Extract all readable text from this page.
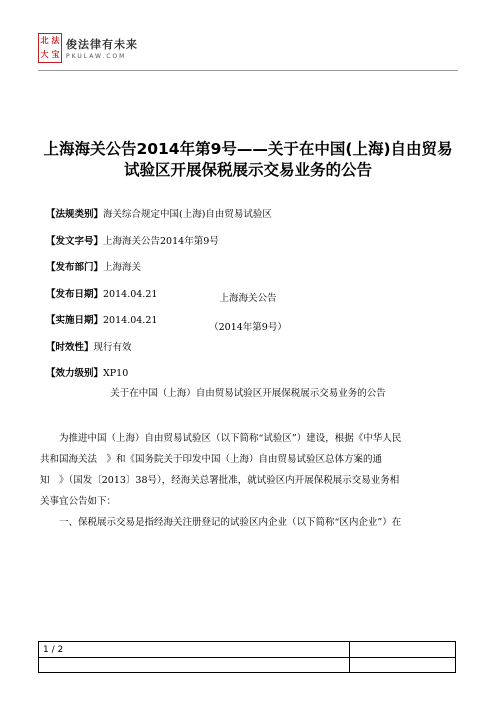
北 法
大 宝
俊法律有未来
PKULAW.COM
上海海关公告2014年第9号——关于在中国(上海)自由贸易
试验区开展保税展示交易业务的公告
【法规类别】海关综合规定中国(上海)自由贸易试验区
【发文字号】上海海关公告2014年第9号
【发布部门】上海海关
【发布日期】2014.04.21
【实施日期】2014.04.21
【时效性】现行有效
【效力级别】XP10
上海海关公告
（2014年第9号）
关于在中国（上海）自由贸易试验区开展保税展示交易业务的公告
为推进中国（上海）自由贸易试验区（以下简称“试验区”）建设，根据《中华人民
共和国海关法　》和《国务院关于印发中国（上海）自由贸易试验区总体方案的通
知　》（国发〔2013〕38号），经海关总署批准，就试验区内开展保税展示交易业务相
关事宜公告如下：
一、保税展示交易是指经海关注册登记的试验区内企业（以下简称“区内企业”）在
1 / 2
